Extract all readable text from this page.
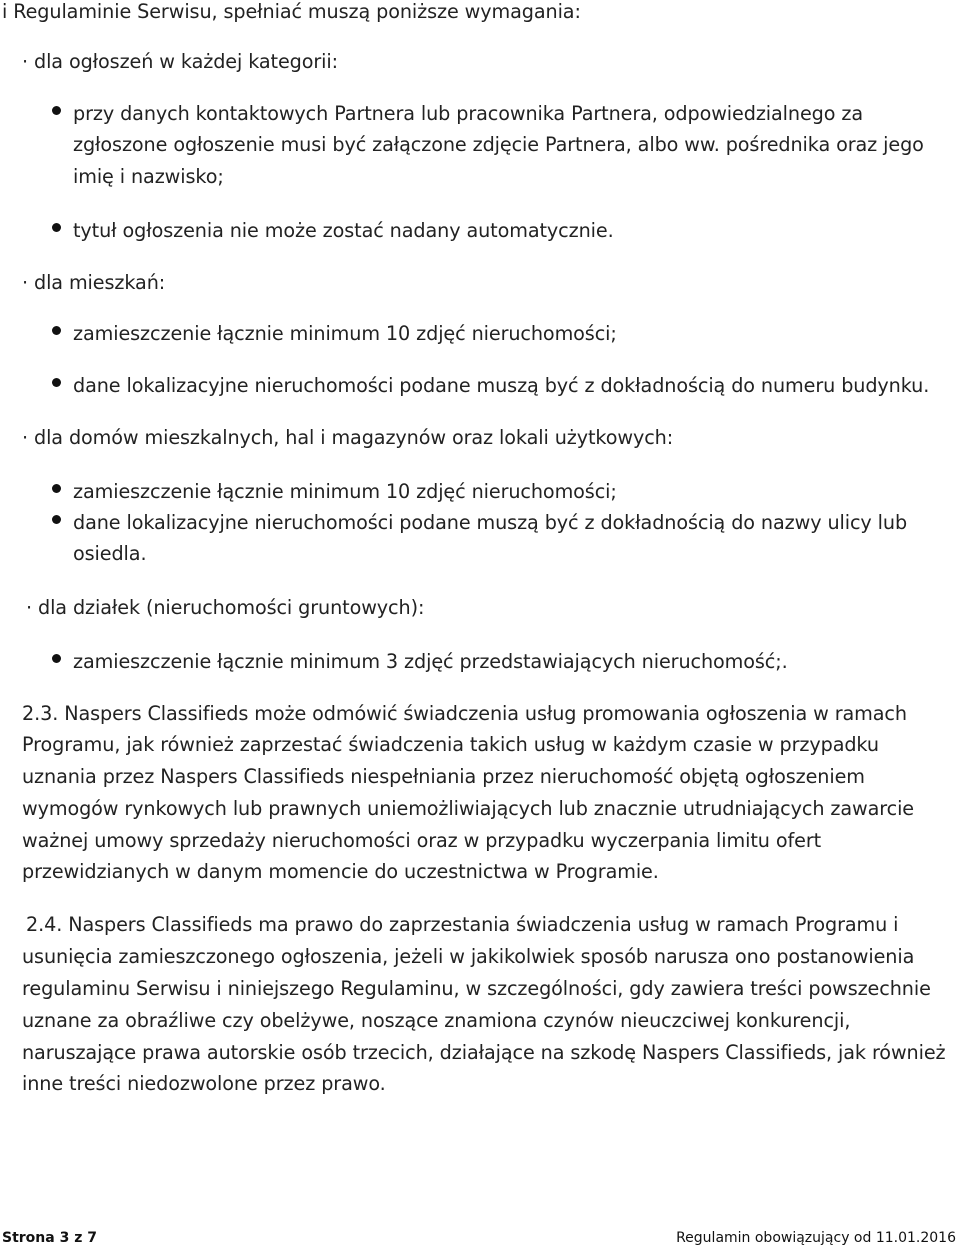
i Regulaminie Serwisu, spełniać muszą poniższe wymagania:
· dla ogłoszeń w każdej kategorii:
przy danych kontaktowych Partnera lub pracownika Partnera, odpowiedzialnego za
zgłoszone ogłoszenie musi być załączone zdjęcie Partnera, albo ww. pośrednika oraz jego
imię i nazwisko;
tytuł ogłoszenia nie może zostać nadany automatycznie.
· dla mieszkań:
zamieszczenie łącznie minimum 10 zdjęć nieruchomości;
dane lokalizacyjne nieruchomości podane muszą być z dokładnością do numeru budynku.
· dla domów mieszkalnych, hal i magazynów oraz lokali użytkowych:
zamieszczenie łącznie minimum 10 zdjęć nieruchomości;
dane lokalizacyjne nieruchomości podane muszą być z dokładnością do nazwy ulicy lub
osiedla.
· dla działek (nieruchomości gruntowych):
zamieszczenie łącznie minimum 3 zdjęć przedstawiających nieruchomość;.
2.3. Naspers Classifieds może odmówić świadczenia usług promowania ogłoszenia w ramach
Programu, jak również zaprzestać świadczenia takich usług w każdym czasie w przypadku
uznania przez Naspers Classifieds niespełniania przez nieruchomość objętą ogłoszeniem
wymogów rynkowych lub prawnych uniemożliwiających lub znacznie utrudniających zawarcie
ważnej umowy sprzedaży nieruchomości oraz w przypadku wyczerpania limitu ofert
przewidzianych w danym momencie do uczestnictwa w Programie.
2.4. Naspers Classifieds ma prawo do zaprzestania świadczenia usług w ramach Programu i
usunięcia zamieszczonego ogłoszenia, jeżeli w jakikolwiek sposób narusza ono postanowienia
regulaminu Serwisu i niniejszego Regulaminu, w szczególności, gdy zawiera treści powszechnie
uznane za obraźliwe czy obelżywe, noszące znamiona czynów nieuczciwej konkurencji,
naruszające prawa autorskie osób trzecich, działające na szkodę Naspers Classifieds, jak również
inne treści niedozwolone przez prawo.
Strona 3 z 7	Regulamin obowiązujący od 11.01.2016
